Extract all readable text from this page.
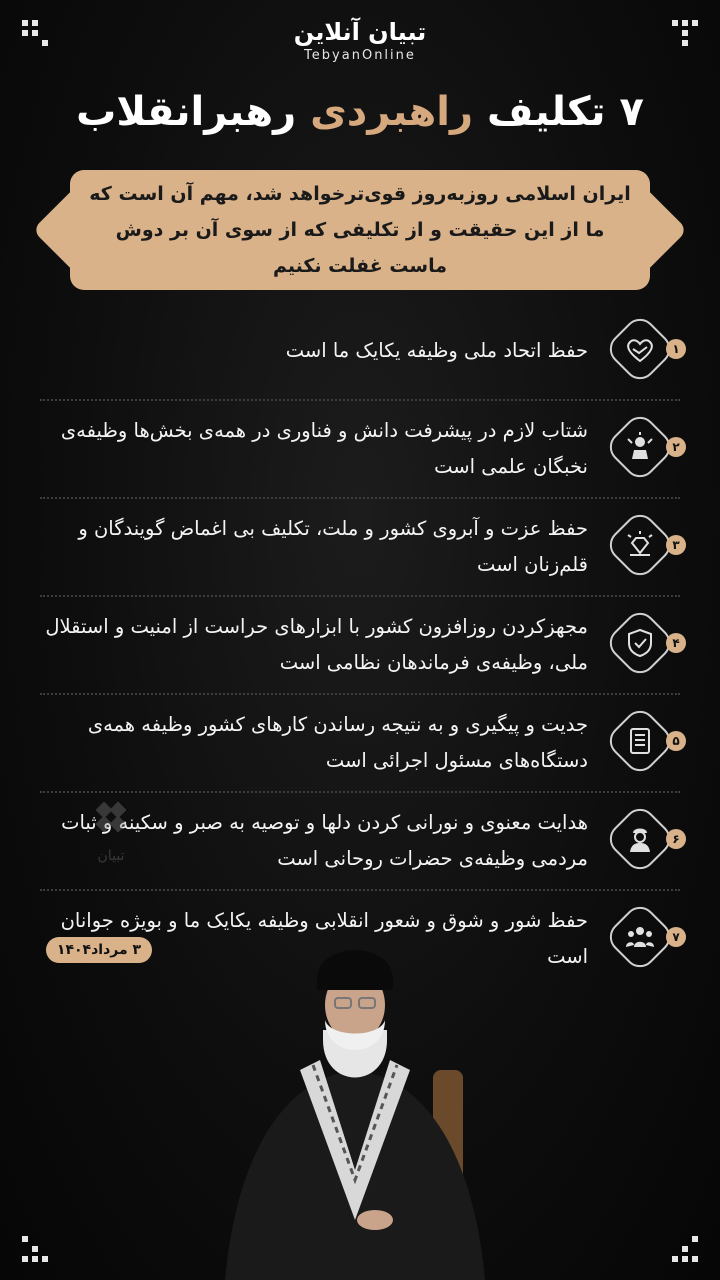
تبیان آنلاین
TebyanOnline
۷ تکلیف راهبردی رهبرانقلاب
ایران اسلامی روزبه‌روز قوی‌ترخواهد شد، مهم آن است که ما از این حقیقت و از تکلیفی که از سوی آن بر دوش ماست غفلت نکنیم
حفظ اتحاد ملی وظیفه یکایک ما است	۱
شتاب لازم در پیشرفت دانش و فناوری در همه‌ی بخش‌ها وظیفه‌ی نخبگان علمی است
۲
حفظ عزت و آبروی کشور و ملت، تکلیف بی اغماض گویندگان و قلم‌زنان است
۳
مجهزکردن روزافزون کشور با ابزارهای حراست از امنیت و استقلال ملی، وظیفه‌ی فرماندهان نظامی است
۴
جدیت و پیگیری و به نتیجه رساندن کارهای کشور وظیفه همه‌ی دستگاه‌های مسئول اجرائی است
۵
هدایت معنوی و نورانی کردن دلها و توصیه به صبر و سکینه و ثبات مردمی وظیفه‌ی حضرات روحانی است
۶
حفظ شور و شوق و شعور انقلابی وظیفه یکایک ما و بویژه جوانان است
۷
تبیان
۳ مرداد۱۴۰۴
